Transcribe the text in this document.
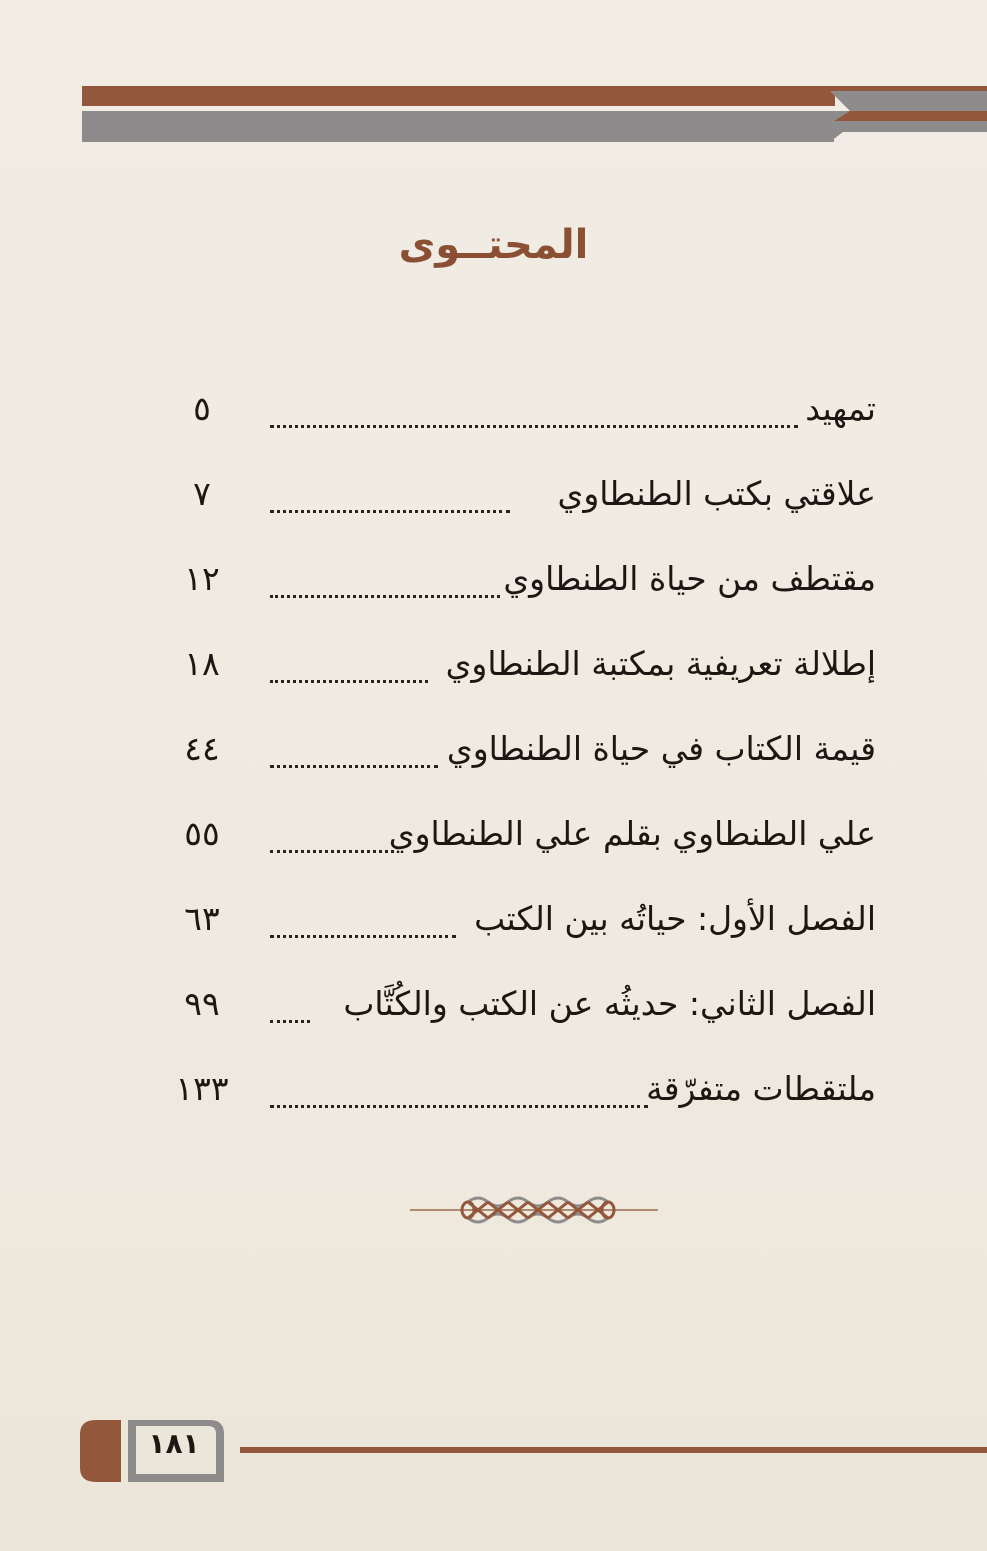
المحتــوى
تمهيد
٥
علاقتي بكتب الطنطاوي
٧
مقتطف من حياة الطنطاوي
١٢
إطلالة تعريفية بمكتبة الطنطاوي
١٨
قيمة الكتاب في حياة الطنطاوي
٤٤
علي الطنطاوي بقلم علي الطنطاوي
٥٥
الفصل الأول: حياتُه بين الكتب
٦٣
الفصل الثاني: حديثُه عن الكتب والكُتَّاب
٩٩
ملتقطات متفرّقة
١٣٣
١٨١
